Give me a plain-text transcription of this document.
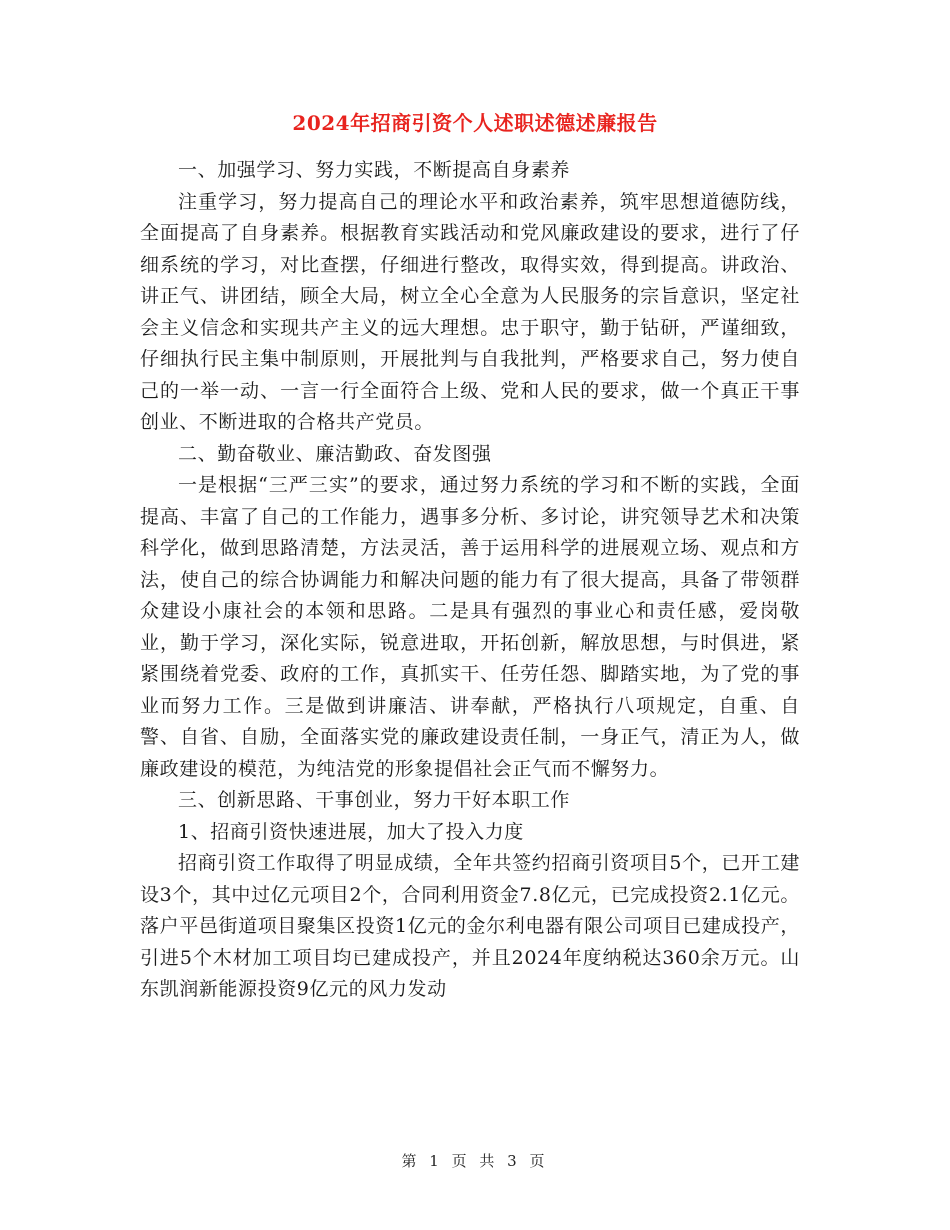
2024年招商引资个人述职述德述廉报告

一、加强学习、努力实践，不断提高自身素养

注重学习，努力提高自己的理论水平和政治素养，筑牢思想道德防线，全面提高了自身素养。根据教育实践活动和党风廉政建设的要求，进行了仔细系统的学习，对比查摆，仔细进行整改，取得实效，得到提高。讲政治、讲正气、讲团结，顾全大局，树立全心全意为人民服务的宗旨意识，坚定社会主义信念和实现共产主义的远大理想。忠于职守，勤于钻研，严谨细致，仔细执行民主集中制原则，开展批判与自我批判，严格要求自己，努力使自己的一举一动、一言一行全面符合上级、党和人民的要求，做一个真正干事创业、不断进取的合格共产党员。

二、勤奋敬业、廉洁勤政、奋发图强

一是根据“三严三实”的要求，通过努力系统的学习和不断的实践，全面提高、丰富了自己的工作能力，遇事多分析、多讨论，讲究领导艺术和决策科学化，做到思路清楚，方法灵活，善于运用科学的进展观立场、观点和方法，使自己的综合协调能力和解决问题的能力有了很大提高，具备了带领群众建设小康社会的本领和思路。二是具有强烈的事业心和责任感，爱岗敬业，勤于学习，深化实际，锐意进取，开拓创新，解放思想，与时俱进，紧紧围绕着党委、政府的工作，真抓实干、任劳任怨、脚踏实地，为了党的事业而努力工作。三是做到讲廉洁、讲奉献，严格执行八项规定，自重、自警、自省、自励，全面落实党的廉政建设责任制，一身正气，清正为人，做廉政建设的模范，为纯洁党的形象提倡社会正气而不懈努力。

三、创新思路、干事创业，努力干好本职工作

1、招商引资快速进展，加大了投入力度

招商引资工作取得了明显成绩，全年共签约招商引资项目5个，已开工建设3个，其中过亿元项目2个，合同利用资金7.8亿元，已完成投资2.1亿元。落户平邑街道项目聚集区投资1亿元的金尔利电器有限公司项目已建成投产，引进5个木材加工项目均已建成投产，并且2024年度纳税达360余万元。山东凯润新能源投资9亿元的风力发动

第 1 页 共 3 页
